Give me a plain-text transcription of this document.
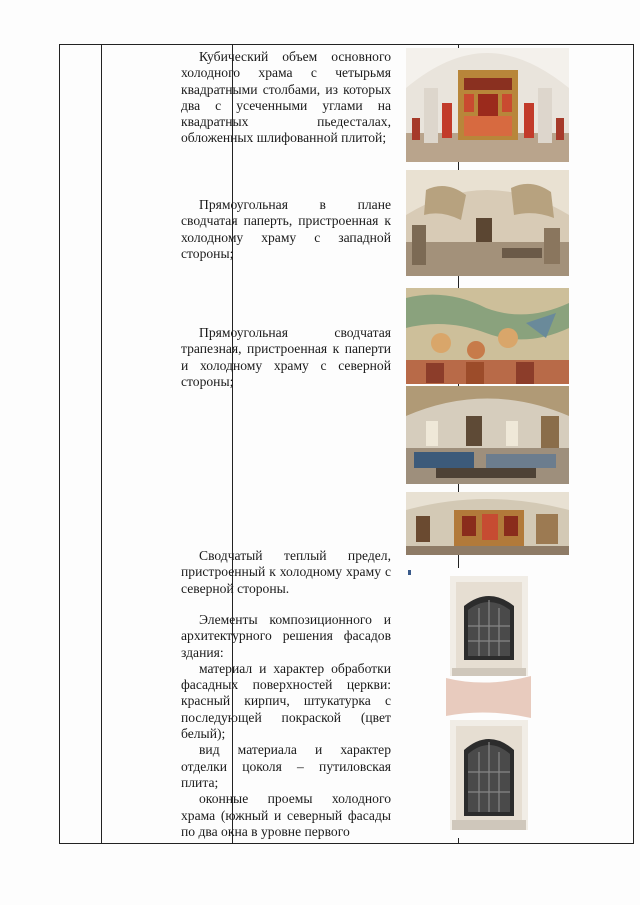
Кубический объем основного холодного храма с четырьмя квадратными столбами, из которых два с усеченными углами на квадратных пьедесталах, обложенных шлифованной плитой;

Прямоугольная в плане сводчатая паперть, пристроенная к холодному храму с западной стороны;

Прямоугольная сводчатая трапезная, пристроенная к паперти и холодному храму с северной стороны;

Сводчатый теплый предел, пристроенный к холодному храму с северной стороны.

Элементы композиционного и архитектурного решения фасадов здания:

материал и характер обработки фасадных поверхностей церкви: красный кирпич, штукатурка с последующей покраской (цвет белый);

вид материала и характер отделки цоколя – путиловская плита;

оконные проемы холодного храма (южный и северный фасады по два окна в уровне первого
